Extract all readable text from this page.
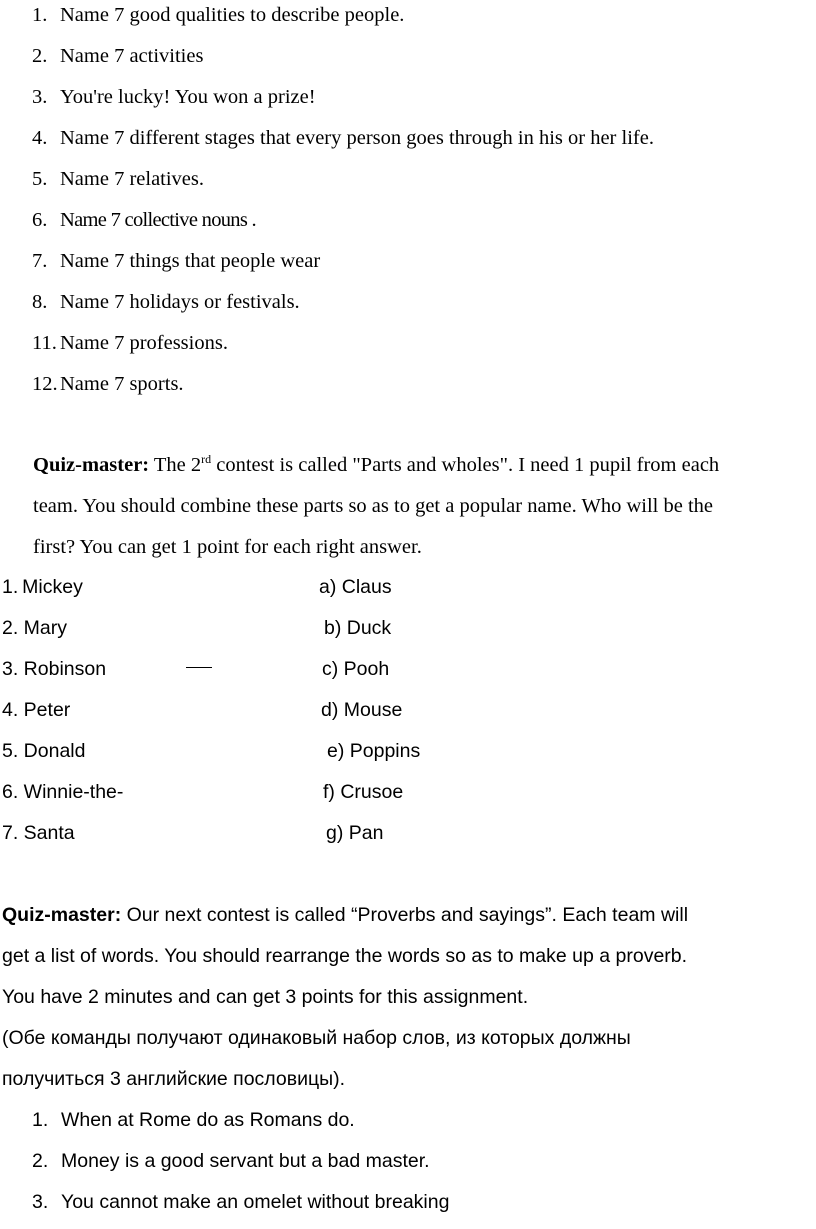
1. Name 7 good qualities to describe people.
2. Name 7 activities
3. You're lucky! You won a prize!
4. Name 7 different stages that every person goes through in his or her life.
5. Name 7 relatives.
6. Name 7 collective nouns .
7. Name 7 things that people wear
8. Name 7 holidays or festivals.
11. Name 7 professions.
12. Name 7 sports.
Quiz-master: The 2rd contest is called "Parts and wholes". I need 1 pupil from each
team. You should combine these parts so as to get a popular name. Who will be the
first? You can get 1 point for each right answer.
1. Mickey
2. Mary
3. Robinson
4. Peter
5. Donald
6. Winnie-the-
7. Santa
a) Claus
b) Duck
c) Pooh
d) Mouse
e) Poppins
f) Crusoe
g) Pan
Quiz-master: Our next contest is called “Proverbs and sayings”. Each team will
get a list of words. You should rearrange the words so as to make up a proverb.
You have 2 minutes and can get 3 points for this assignment.
(Обе команды получают одинаковый набор слов, из которых должны
получиться 3 английские пословицы).
1. When at Rome do as Romans do.
2. Money is a good servant but a bad master.
3. You cannot make an omelet without breaking
